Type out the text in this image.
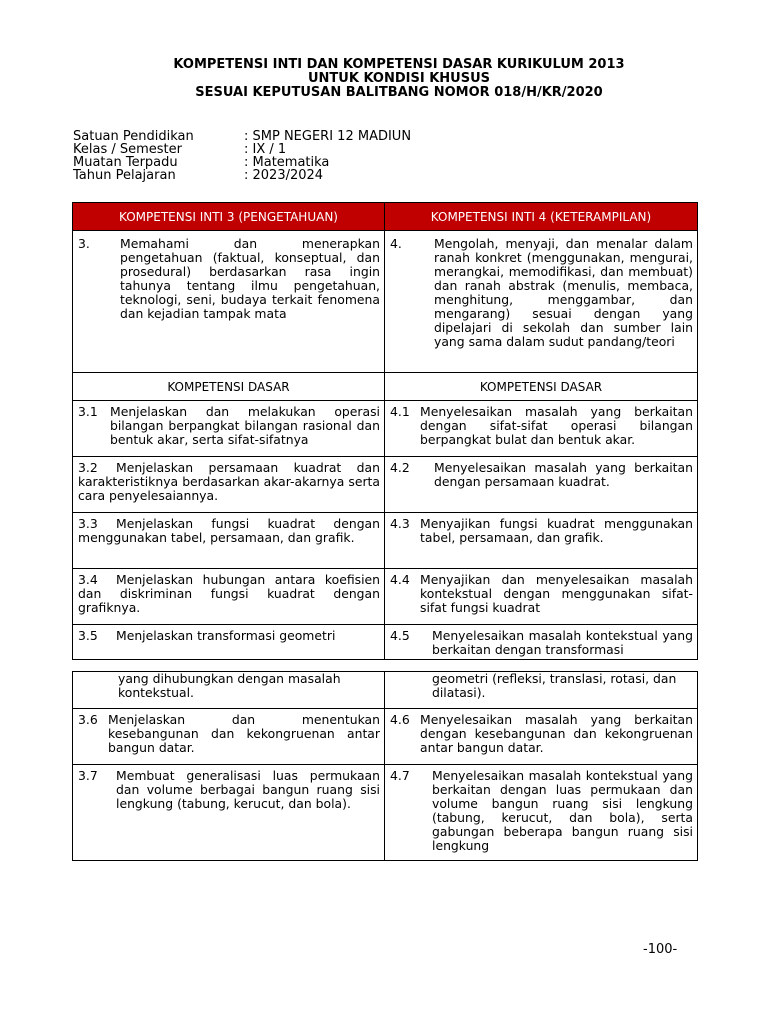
KOMPETENSI INTI DAN KOMPETENSI DASAR KURIKULUM 2013
UNTUK KONDISI KHUSUS
SESUAI KEPUTUSAN BALITBANG NOMOR 018/H/KR/2020
Satuan Pendidikan	: SMP NEGERI 12 MADIUN
Kelas / Semester	: IX / 1
Muatan Terpadu	: Matematika
Tahun Pelajaran	: 2023/2024
KOMPETENSI INTI 3 (PENGETAHUAN)	KOMPETENSI INTI 4 (KETERAMPILAN)
3.	Memahami dan menerapkan pengetahuan (faktual, konseptual, dan prosedural) berdasarkan rasa ingin tahunya tentang ilmu pengetahuan, teknologi, seni, budaya terkait fenomena dan kejadian tampak mata
4.	Mengolah, menyaji, dan menalar dalam ranah konkret (menggunakan, mengurai, merangkai, memodifikasi, dan membuat) dan ranah abstrak (menulis, membaca, menghitung, menggambar, dan mengarang) sesuai dengan yang dipelajari di sekolah dan sumber lain yang sama dalam sudut pandang/teori
KOMPETENSI DASAR	KOMPETENSI DASAR
3.1 Menjelaskan dan melakukan operasi bilangan berpangkat bilangan rasional dan bentuk akar, serta sifat-sifatnya
4.1 Menyelesaikan masalah yang berkaitan dengan sifat-sifat operasi bilangan berpangkat bulat dan bentuk akar.
3.2	Menjelaskan persamaan kuadrat dan karakteristiknya berdasarkan akar-akarnya serta cara penyelesaiannya.
4.2	Menyelesaikan masalah yang berkaitan dengan persamaan kuadrat.
3.3	Menjelaskan fungsi kuadrat dengan menggunakan tabel, persamaan, dan grafik.
4.3 Menyajikan fungsi kuadrat menggunakan tabel, persamaan, dan grafik.
3.4	Menjelaskan hubungan antara koefisien dan diskriminan fungsi kuadrat dengan grafiknya.
4.4 Menyajikan dan menyelesaikan masalah kontekstual dengan menggunakan sifat-sifat fungsi kuadrat
3.5	Menjelaskan transformasi geometri	4.5	Menyelesaikan masalah kontekstual yang berkaitan dengan transformasi
yang dihubungkan dengan masalah kontekstual.
geometri (refleksi, translasi, rotasi, dan dilatasi).
3.6 Menjelaskan dan menentukan kesebangunan dan kekongruenan antar bangun datar.
4.6 Menyelesaikan masalah yang berkaitan dengan kesebangunan dan kekongruenan antar bangun datar.
3.7	Membuat generalisasi luas permukaan dan volume berbagai bangun ruang sisi lengkung (tabung, kerucut, dan bola).
4.7	Menyelesaikan masalah kontekstual yang berkaitan dengan luas permukaan dan volume bangun ruang sisi lengkung (tabung, kerucut, dan bola), serta gabungan beberapa bangun ruang sisi lengkung
-100-
